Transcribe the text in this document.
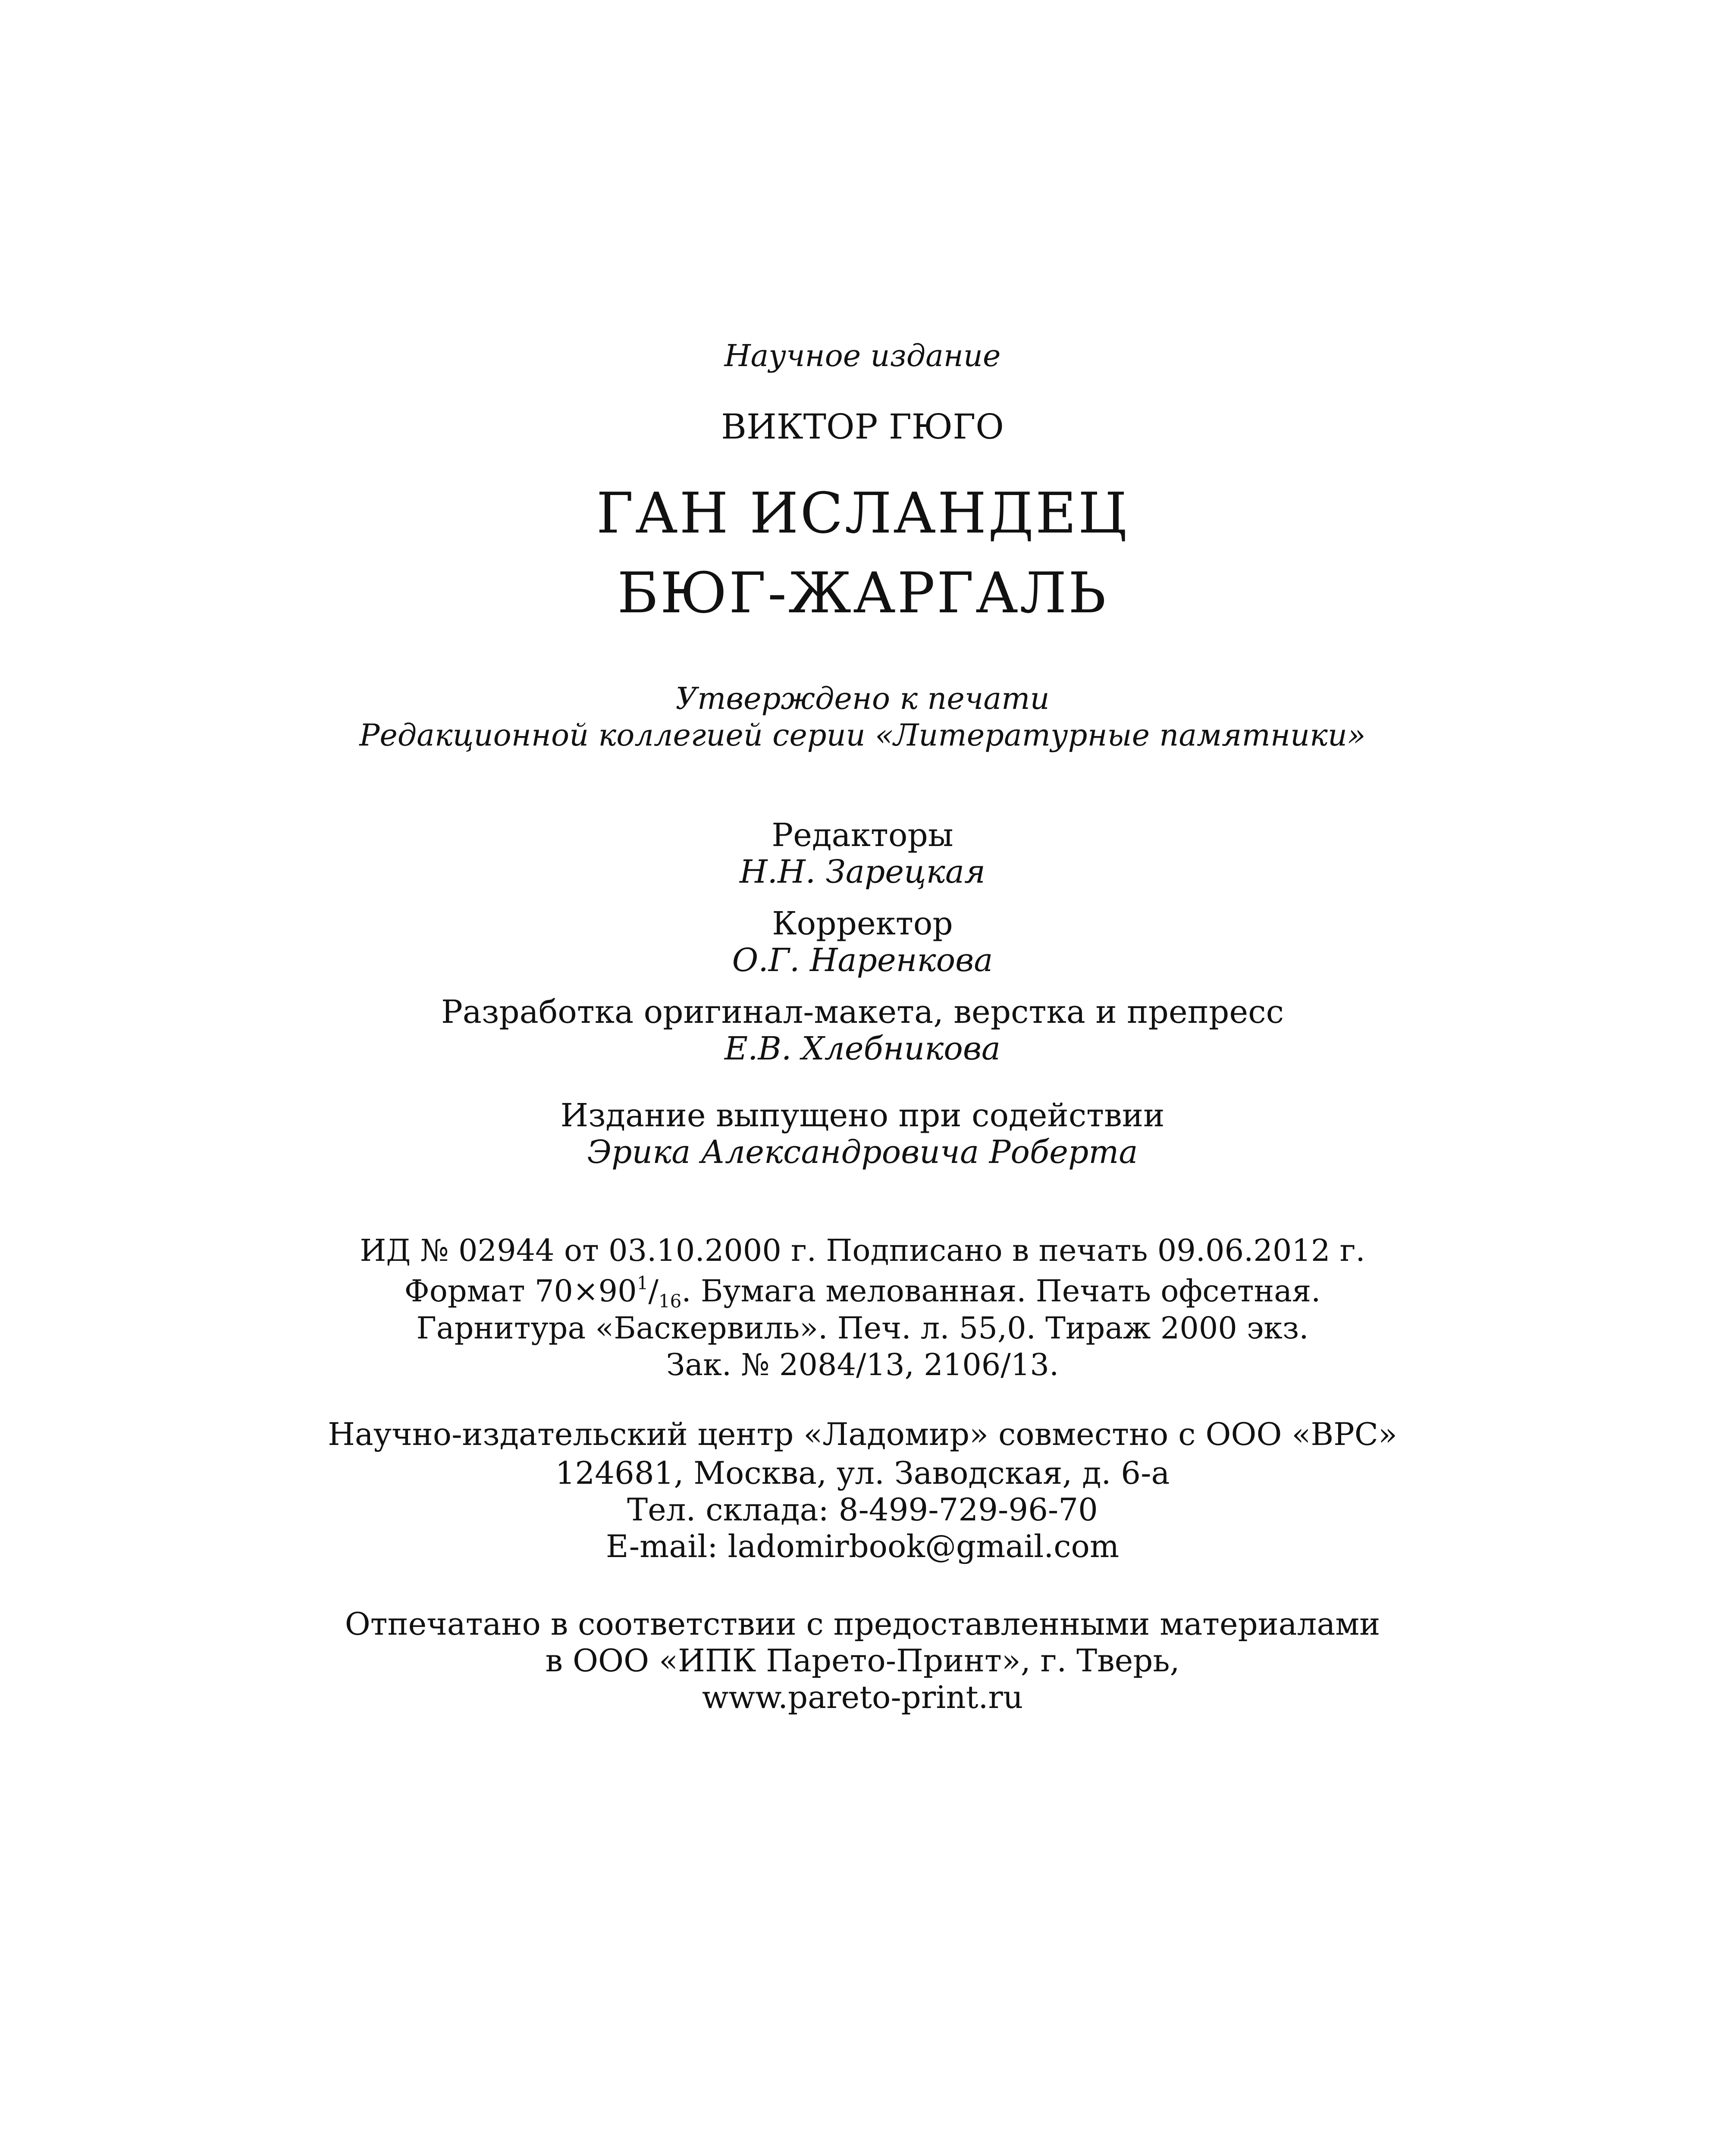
Научное издание
ВИКТОР ГЮГО
ГАН ИСЛАНДЕЦ
БЮГ-ЖАРГАЛЬ
Утверждено к печати
Редакционной коллегией серии «Литературные памятники»
Редакторы
Н.Н. Зарецкая
Корректор
О.Г. Наренкова
Разработка оригинал-макета, верстка и препресс
Е.В. Хлебникова
Издание выпущено при содействии
Эрика Александровича Роберта
ИД № 02944 от 03.10.2000 г. Подписано в печать 09.06.2012 г.
Формат $70\times 90^1/_{16}$. Бумага мелованная. Печать офсетная.
Гарнитура «Баскервиль». Печ. л. 55,0. Тираж 2000 экз.
Зак. № 2084/13, 2106/13.
Научно-издательский центр «Ладомир» совместно с ООО «ВРС»
124681, Москва, ул. Заводская, д. 6-а
Тел. склада: 8-499-729-96-70
E-mail: ladomirbook@gmail.com
Отпечатано в соответствии с предоставленными материалами
в ООО «ИПК Парето-Принт», г. Тверь,
www.pareto-print.ru
